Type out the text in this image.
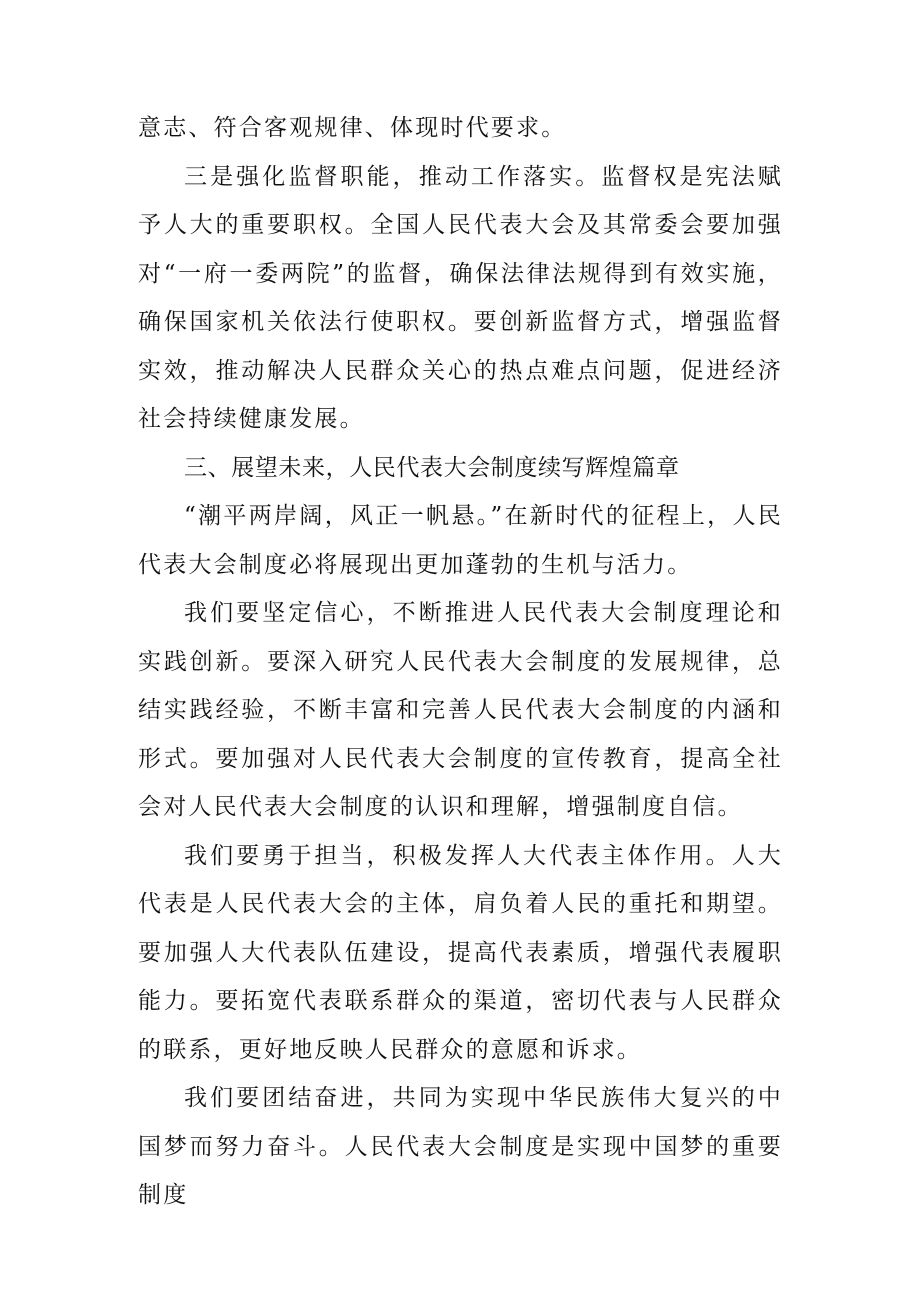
意志、符合客观规律、体现时代要求。

三是强化监督职能，推动工作落实。监督权是宪法赋予人大的重要职权。全国人民代表大会及其常委会要加强对“一府一委两院”的监督，确保法律法规得到有效实施，确保国家机关依法行使职权。要创新监督方式，增强监督实效，推动解决人民群众关心的热点难点问题，促进经济社会持续健康发展。

三、展望未来，人民代表大会制度续写辉煌篇章

“潮平两岸阔，风正一帆悬。”在新时代的征程上，人民代表大会制度必将展现出更加蓬勃的生机与活力。

我们要坚定信心，不断推进人民代表大会制度理论和实践创新。要深入研究人民代表大会制度的发展规律，总结实践经验，不断丰富和完善人民代表大会制度的内涵和形式。要加强对人民代表大会制度的宣传教育，提高全社会对人民代表大会制度的认识和理解，增强制度自信。

我们要勇于担当，积极发挥人大代表主体作用。人大代表是人民代表大会的主体，肩负着人民的重托和期望。要加强人大代表队伍建设，提高代表素质，增强代表履职能力。要拓宽代表联系群众的渠道，密切代表与人民群众的联系，更好地反映人民群众的意愿和诉求。

我们要团结奋进，共同为实现中华民族伟大复兴的中国梦而努力奋斗。人民代表大会制度是实现中国梦的重要制度
